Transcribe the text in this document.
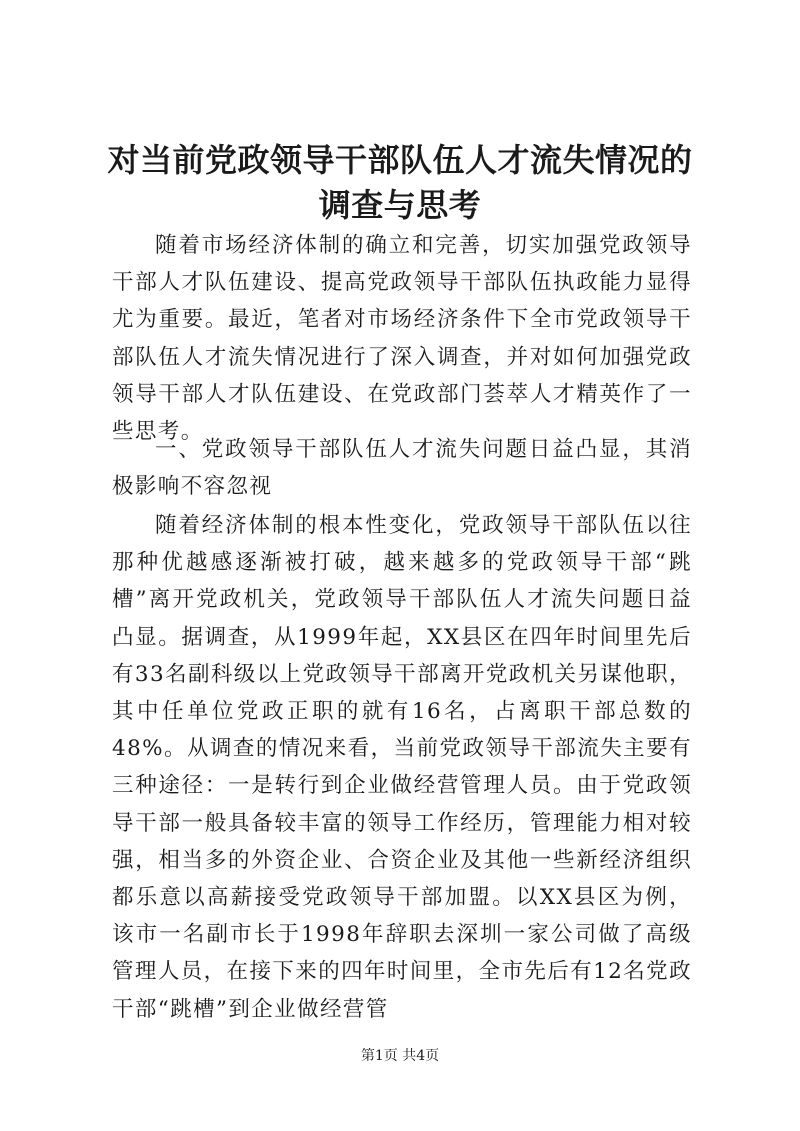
对当前党政领导干部队伍人才流失情况的调查与思考
随着市场经济体制的确立和完善，切实加强党政领导干部人才队伍建设、提高党政领导干部队伍执政能力显得尤为重要。最近，笔者对市场经济条件下全市党政领导干部队伍人才流失情况进行了深入调查，并对如何加强党政领导干部人才队伍建设、在党政部门荟萃人才精英作了一些思考。
一、党政领导干部队伍人才流失问题日益凸显，其消极影响不容忽视
随着经济体制的根本性变化，党政领导干部队伍以往那种优越感逐渐被打破，越来越多的党政领导干部“跳槽”离开党政机关，党政领导干部队伍人才流失问题日益凸显。据调查，从1999年起，XX县区在四年时间里先后有33名副科级以上党政领导干部离开党政机关另谋他职，其中任单位党政正职的就有16名，占离职干部总数的48%。从调查的情况来看，当前党政领导干部流失主要有三种途径：一是转行到企业做经营管理人员。由于党政领导干部一般具备较丰富的领导工作经历，管理能力相对较强，相当多的外资企业、合资企业及其他一些新经济组织都乐意以高薪接受党政领导干部加盟。以XX县区为例，该市一名副市长于1998年辞职去深圳一家公司做了高级管理人员，在接下来的四年时间里，全市先后有12名党政干部“跳槽”到企业做经营管
第1页 共4页
